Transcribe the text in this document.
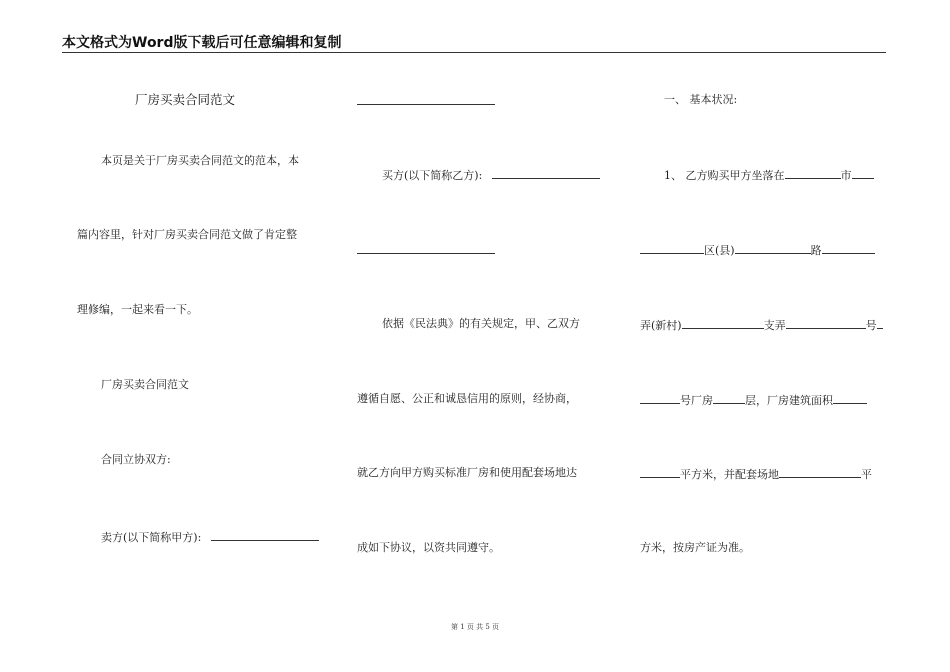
本文格式为Word版下载后可任意编辑和复制
厂房买卖合同范文
本页是关于厂房买卖合同范文的范本，本
篇内容里，针对厂房买卖合同范文做了肯定整
理修编，一起来看一下。
厂房买卖合同范文
合同立协双方:
卖方(以下简称甲方):
买方(以下简称乙方):
依据《民法典》的有关规定，甲、乙双方
遵循自愿、公正和诚恳信用的原则，经协商，
就乙方向甲方购买标准厂房和使用配套场地达
成如下协议，以资共同遵守。
一、 基本状况:
1、 乙方购买甲方坐落在	市
区(县)	路
弄(新村)	支弄	号
号厂房	层，厂房建筑面积
平方米，并配套场地	平
方米，按房产证为准。
第 1 页 共 5 页
